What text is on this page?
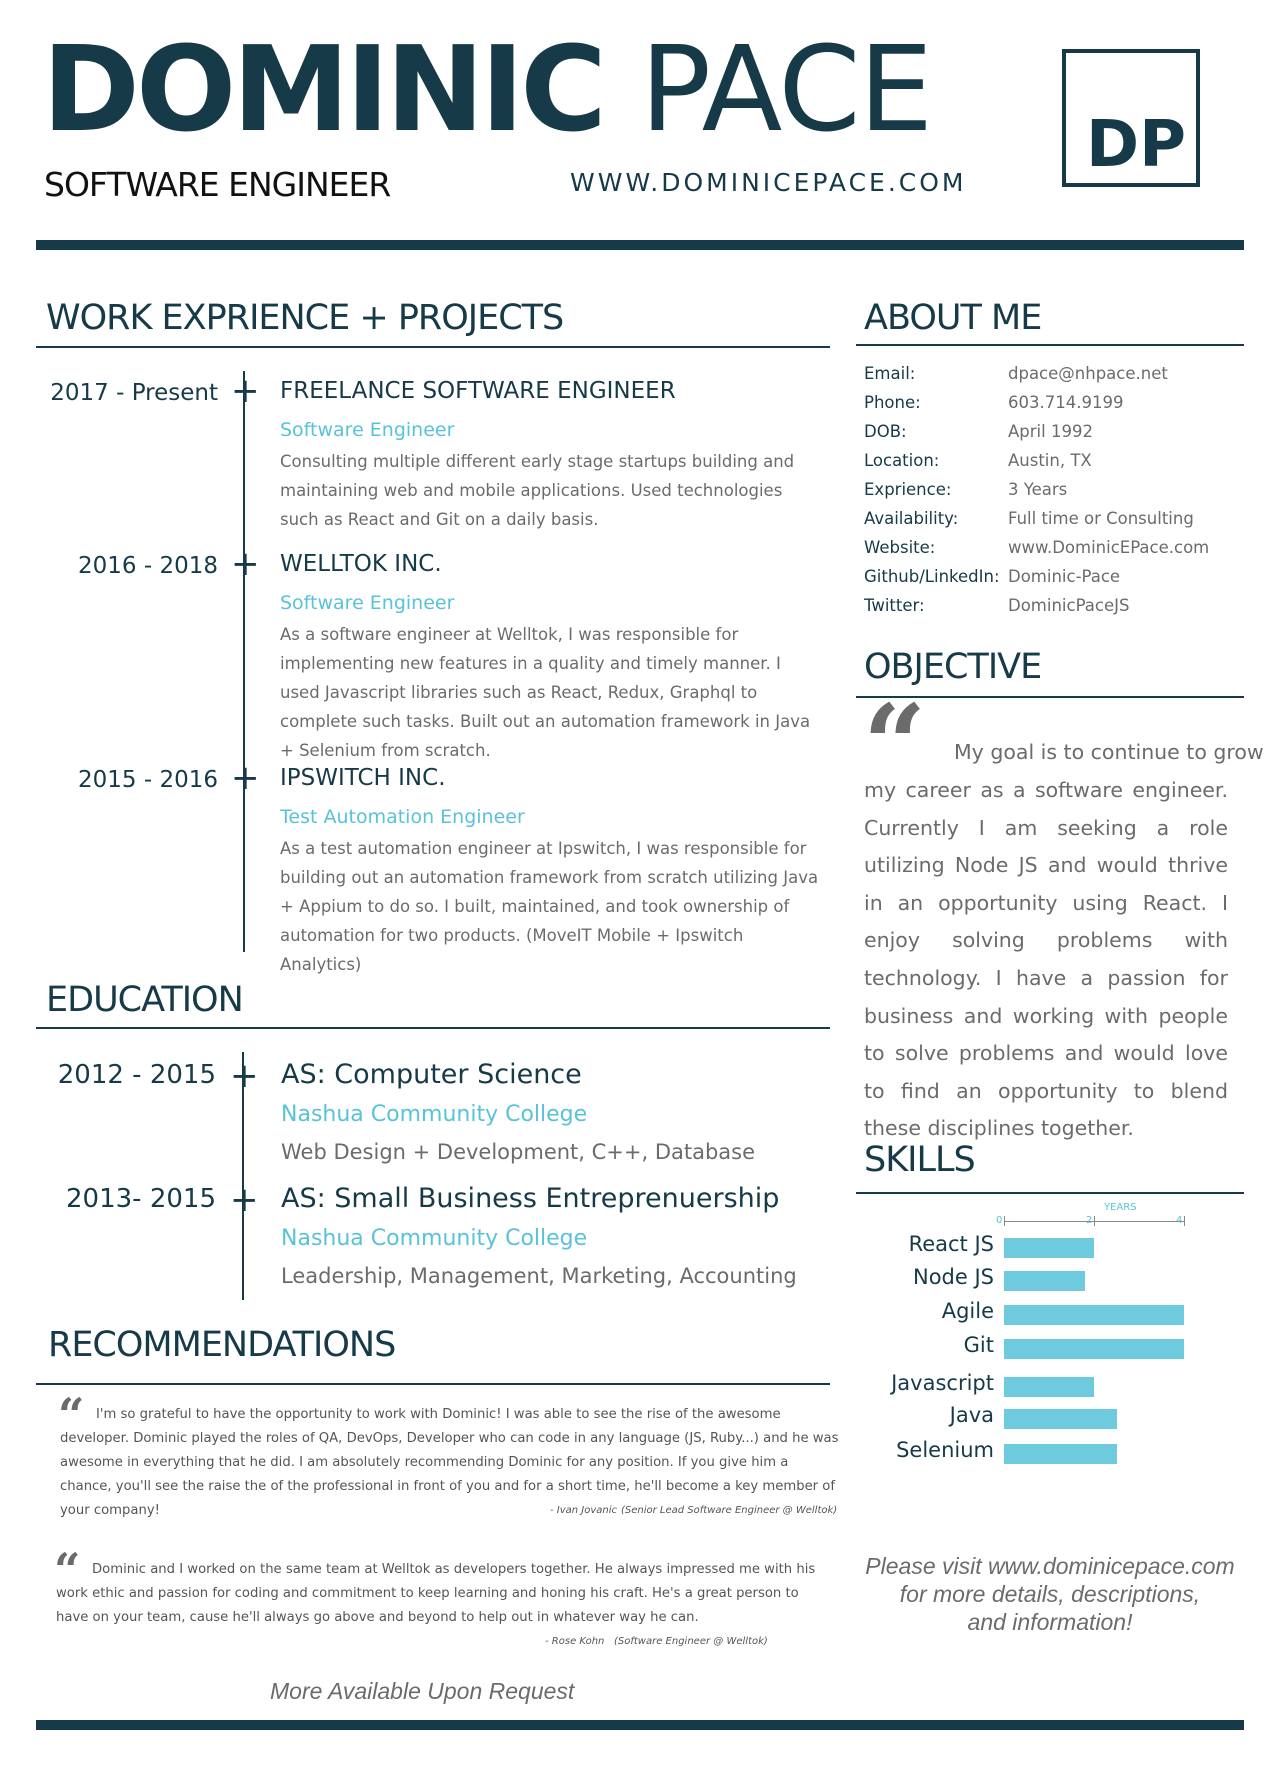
DOMINIC PACE
SOFTWARE ENGINEER	WWW.DOMINICEPACE.COM
DP
WORK EXPRIENCE + PROJECTS
2017 - Present + FREELANCE SOFTWARE ENGINEER
Software Engineer
Consulting multiple different early stage startups building and maintaining web and mobile applications. Used technologies such as React and Git on a daily basis.
2016 - 2018 + WELLTOK INC.
Software Engineer
As a software engineer at Welltok, I was responsible for implementing new features in a quality and timely manner. I used Javascript libraries such as React, Redux, Graphql to complete such tasks. Built out an automation framework in Java + Selenium from scratch.
2015 - 2016 + IPSWITCH INC.
Test Automation Engineer
As a test automation engineer at Ipswitch, I was responsible for building out an automation framework from scratch utilizing Java + Appium to do so. I built, maintained, and took ownership of automation for two products. (MoveIT Mobile + Ipswitch Analytics)
EDUCATION
2012 - 2015 + AS: Computer Science
Nashua Community College
Web Design + Development, C++, Database
2013- 2015 + AS: Small Business Entreprenuership
Nashua Community College
Leadership, Management, Marketing, Accounting
RECOMMENDATIONS
“ I'm so grateful to have the opportunity to work with Dominic! I was able to see the rise of the awesome developer. Dominic played the roles of QA, DevOps, Developer who can code in any language (JS, Ruby...) and he was awesome in everything that he did. I am absolutely recommending Dominic for any position. If you give him a chance, you'll see the raise the of the professional in front of you and for a short time, he'll become a key member of your company!	- Ivan Jovanic (Senior Lead Software Engineer @ Welltok)
“ Dominic and I worked on the same team at Welltok as developers together. He always impressed me with his work ethic and passion for coding and commitment to keep learning and honing his craft. He's a great person to have on your team, cause he'll always go above and beyond to help out in whatever way he can.
- Rose Kohn (Software Engineer @ Welltok)
More Available Upon Request
ABOUT ME
Email:	dpace@nhpace.net
Phone:	603.714.9199
DOB:	April 1992
Location:	Austin, TX
Exprience:	3 Years
Availability:	Full time or Consulting
Website:	www.DominicEPace.com
Github/LinkedIn: Dominic-Pace
Twitter:	DominicPaceJS
OBJECTIVE
“ My goal is to continue to grow
my career as a software engineer. Currently I am seeking a role utilizing Node JS and would thrive in an opportunity using React. I enjoy solving problems with technology. I have a passion for business and working with people to solve problems and would love to find an opportunity to blend these disciplines together.
SKILLS
YEARS
0	2	4
React JS
Node JS
Agile
Git
Javascript
Java
Selenium
Please visit www.dominicepace.com
for more details, descriptions,
and information!
